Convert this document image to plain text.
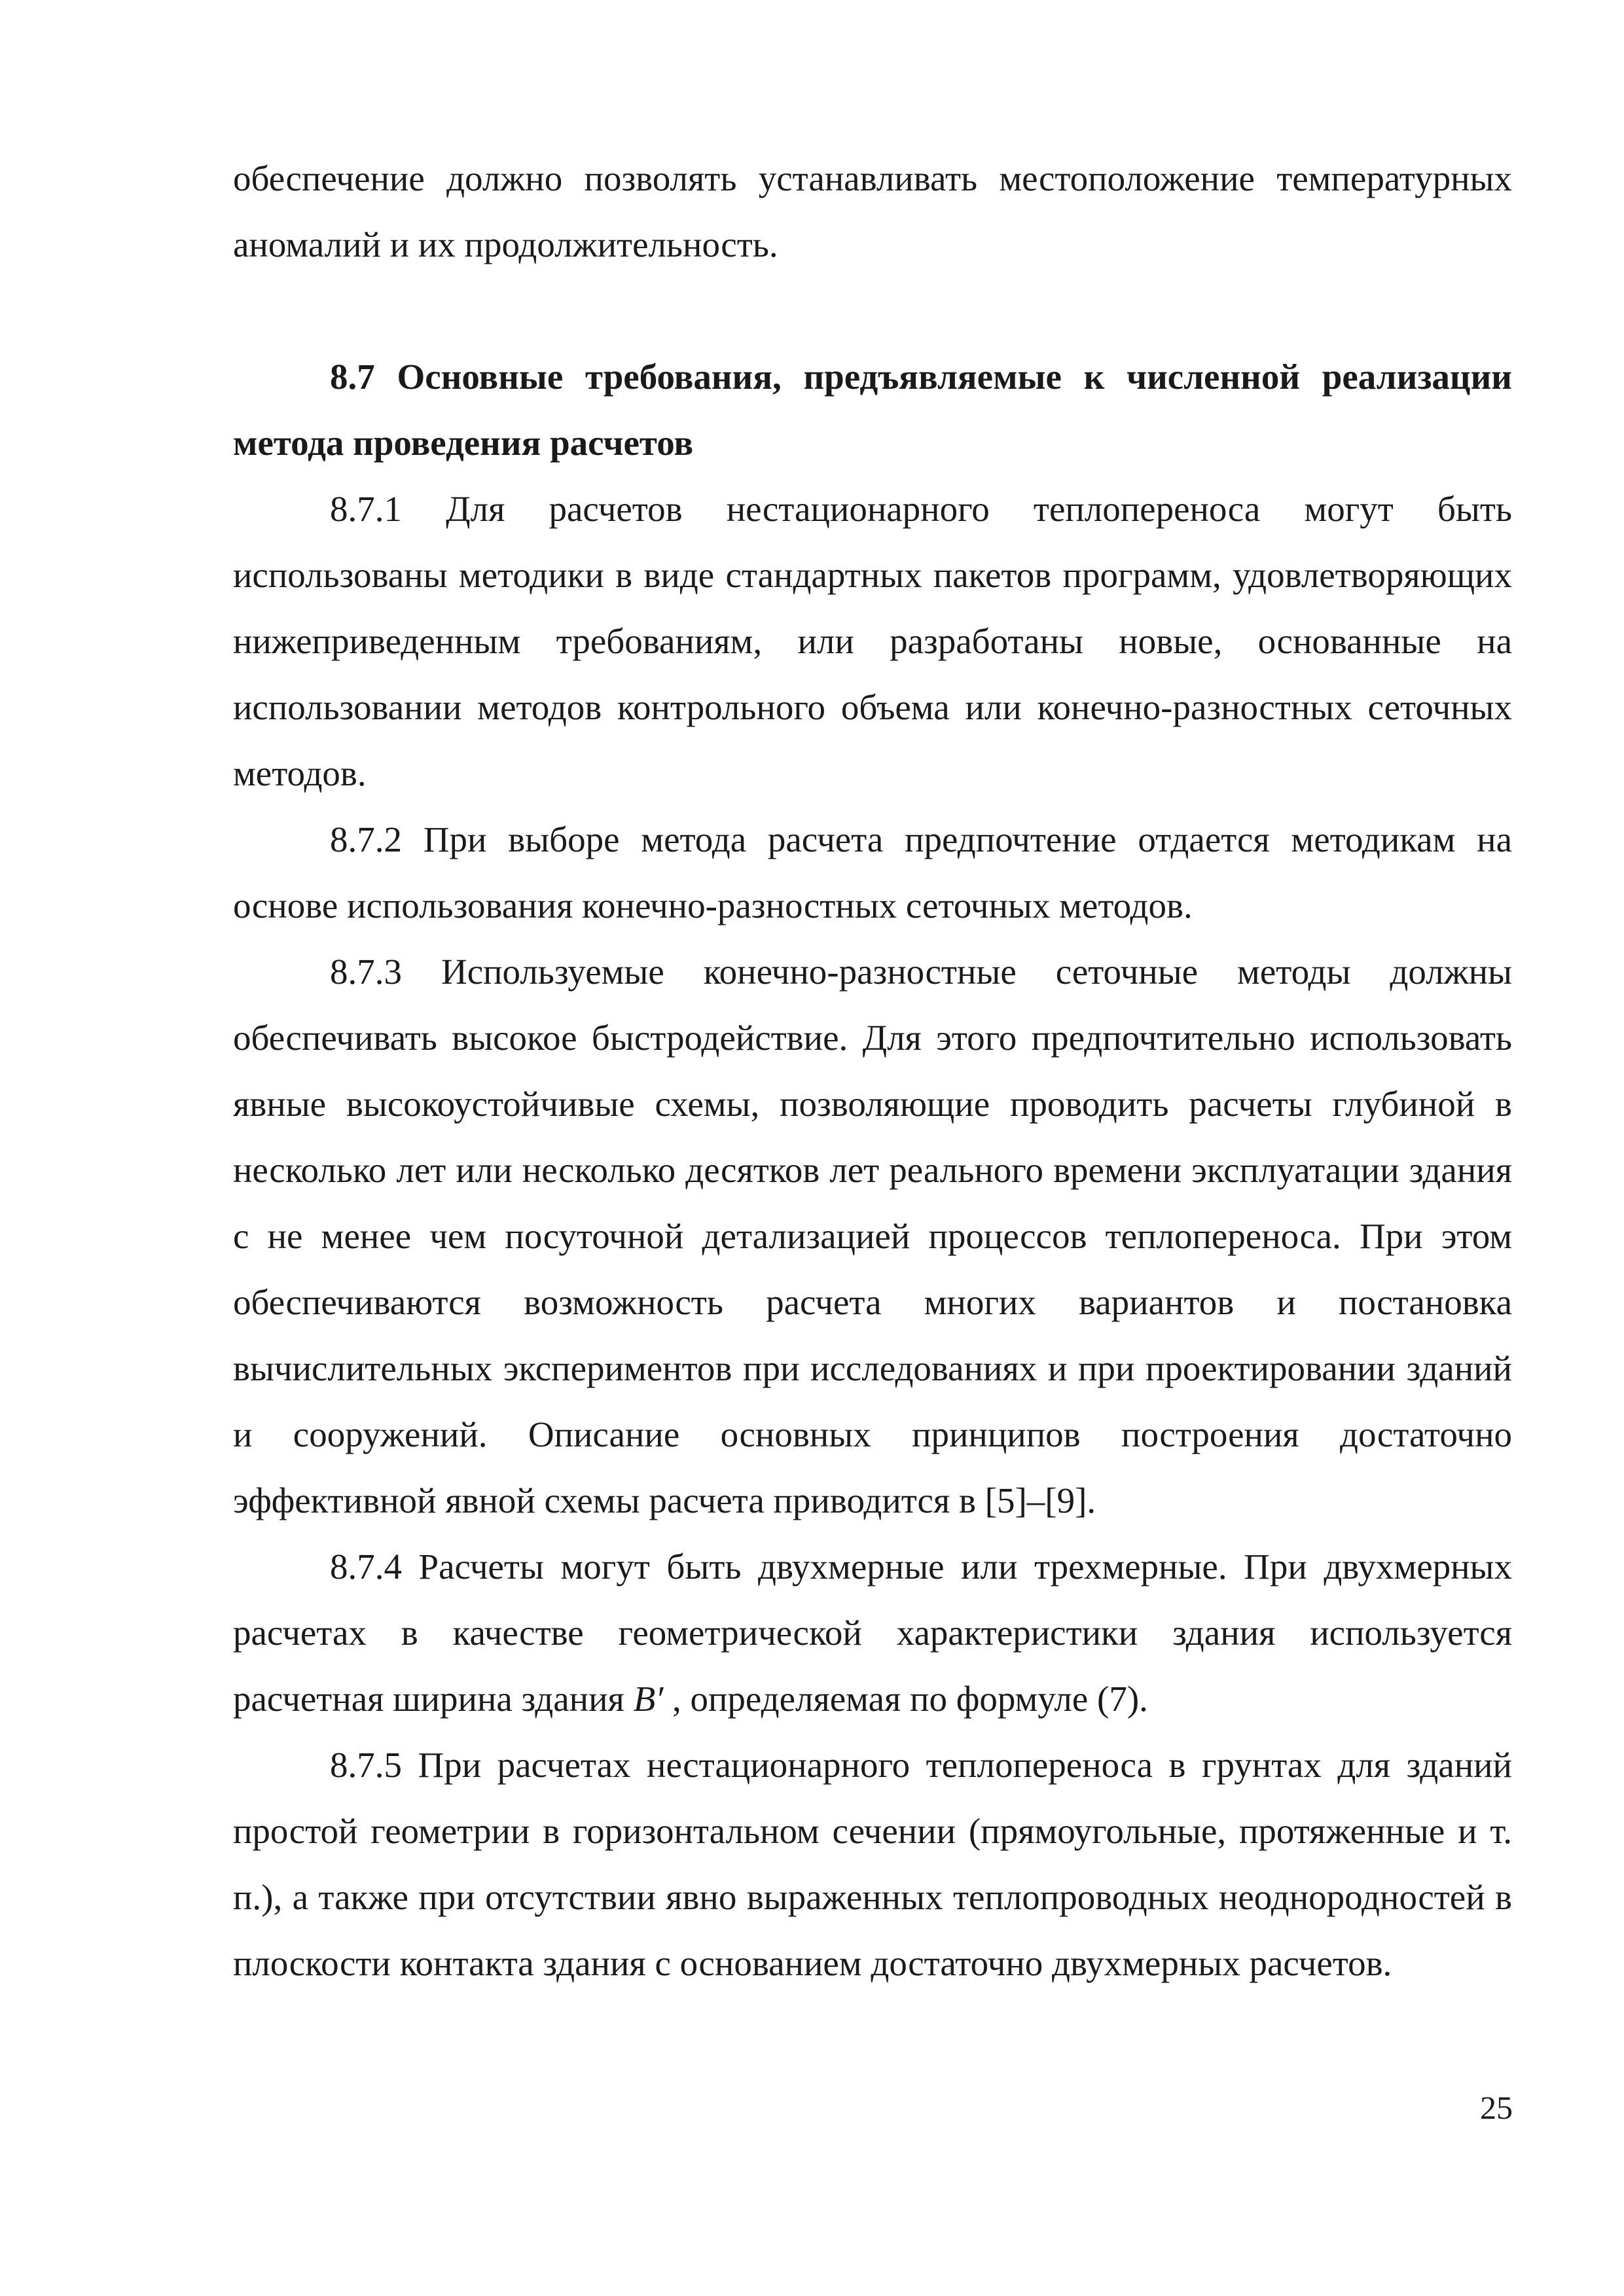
обеспечение должно позволять устанавливать местоположение температурных аномалий и их продолжительность.

8.7 Основные требования, предъявляемые к численной реализации метода проведения расчетов

8.7.1 Для расчетов нестационарного теплопереноса могут быть использованы методики в виде стандартных пакетов программ, удовлетворяющих нижеприведенным требованиям, или разработаны новые, основанные на использовании методов контрольного объема или конечно-разностных сеточных методов.

8.7.2 При выборе метода расчета предпочтение отдается методикам на основе использования конечно-разностных сеточных методов.

8.7.3 Используемые конечно-разностные сеточные методы должны обеспечивать высокое быстродействие. Для этого предпочтительно использовать явные высокоустойчивые схемы, позволяющие проводить расчеты глубиной в несколько лет или несколько десятков лет реального времени эксплуатации здания с не менее чем посуточной детализацией процессов теплопереноса. При этом обеспечиваются возможность расчета многих вариантов и постановка вычислительных экспериментов при исследованиях и при проектировании зданий и сооружений. Описание основных принципов построения достаточно эффективной явной схемы расчета приводится в [5]–[9].

8.7.4 Расчеты могут быть двухмерные или трехмерные. При двухмерных расчетах в качестве геометрической характеристики здания используется расчетная ширина здания B′ , определяемая по формуле (7).

8.7.5 При расчетах нестационарного теплопереноса в грунтах для зданий простой геометрии в горизонтальном сечении (прямоугольные, протяженные и т. п.), а также при отсутствии явно выраженных теплопроводных неоднородностей в плоскости контакта здания с основанием достаточно двухмерных расчетов.

25
